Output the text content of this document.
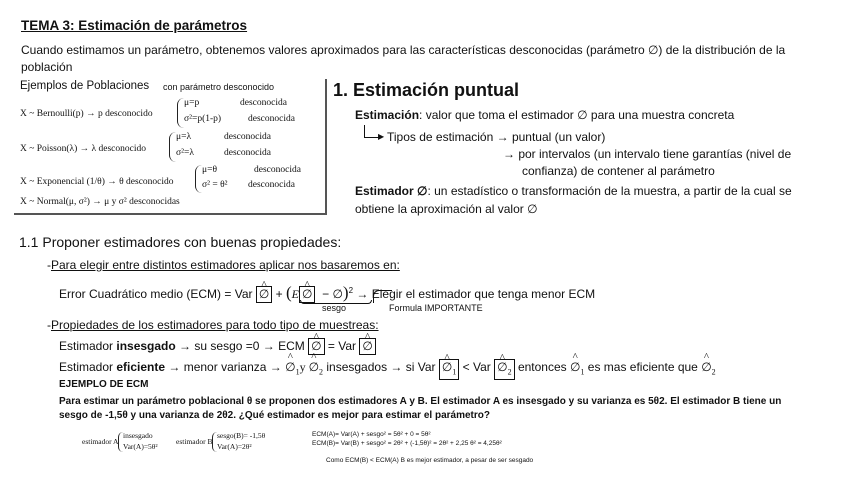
TEMA 3: Estimación de parámetros
Cuando estimamos un parámetro, obtenemos valores aproximados para las características desconocidas (parámetro ∅) de la distribución de la
población
Ejemplos de Poblaciones con parámetro desconocido
X ~ Bernoulli(p) → p desconocido
μ=p
σ²=p(1-p)
desconocida
desconocida
X ~ Poisson(λ) → λ desconocido
μ=λ
σ²=λ
desconocida
desconocida
X ~ Exponencial (1/θ) → θ desconocido
μ=θ
σ² = θ²
desconocida
desconocida
X ~ Normal(μ, σ²) → μ y σ² desconocidas
1. Estimación puntual
Estimación: valor que toma el estimador ∅ para una muestra concreta
▶ Tipos de estimación → puntual (un valor)
→ por intervalos (un intervalo tiene garantías (nivel de
confianza) de contener al parámetro
Estimador ∅: un estadístico o transformación de la muestra, a partir de la cual se
obtiene la aproximación al valor ∅
1.1 Proponer estimadores con buenas propiedades:
-Para elegir entre distintos estimadores aplicar nos basaremos en:
Error Cuadrático medio (ECM) = Var ^ ∅ + (E ^ ∅  − ∅)$^2$ → Elegir el estimador que tenga menor ECM
sesgo	Formula IMPORTANTE
-Propiedades de los estimadores para todo tipo de muestreas:
Estimador insesgado → su sesgo =0 → ECM ^ ∅ = Var ^ ∅
Estimador eficiente → menor varianza → ^ $\emptyset_1y$ ^ $\emptyset_2$ insesgados → si Var ^ $\emptyset_1$ < Var ^ $\emptyset_2$ entonces ^ $\emptyset_1$ es mas eficiente que ^ $\emptyset_2$
EJEMPLO DE ECM
Para estimar un parámetro poblacional θ se proponen dos estimadores A y B. El estimador A es insesgado y su varianza es 5θ2. El estimador B tiene un
sesgo de -1,5θ y una varianza de 2θ2. ¿Qué estimador es mejor para estimar el parámetro?
estimador A
insesgado
Var(A)=5θ²
estimador B
sesgo(B)= -1,5θ
Var(A)=2θ²
ECM(A)= Var(A) + sesgo² = 5θ² + 0 = 5θ²
ECM(B)= Var(B) + sesgo² = 2θ² + (-1,5θ)² = 2θ² + 2,25 θ² = 4,25θ²
Como ECM(B) < ECM(A) B es mejor estimador, a pesar de ser sesgado
